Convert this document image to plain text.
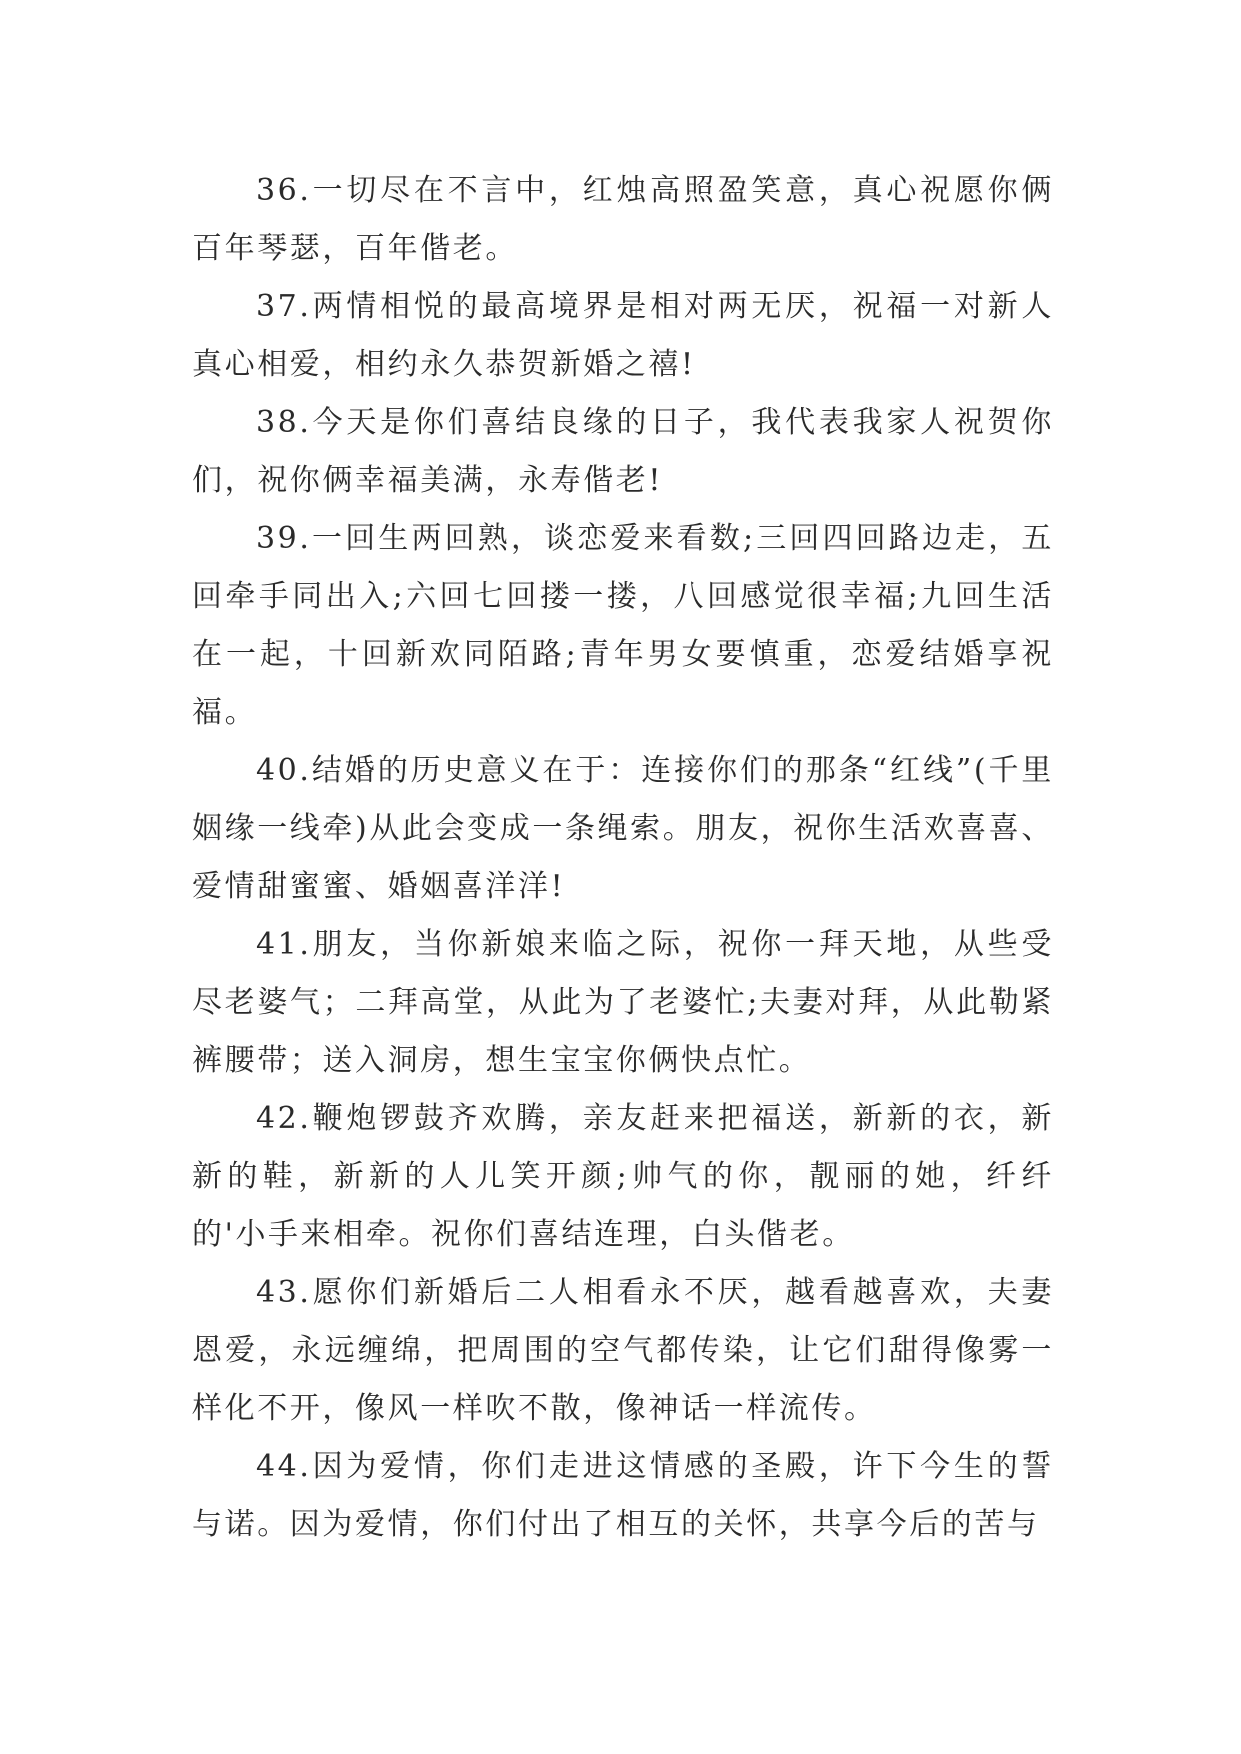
36.一切尽在不言中，红烛高照盈笑意，真心祝愿你俩百年琴瑟，百年偕老。

37.两情相悦的最高境界是相对两无厌，祝福一对新人真心相爱，相约永久恭贺新婚之禧!

38.今天是你们喜结良缘的日子，我代表我家人祝贺你们，祝你俩幸福美满，永寿偕老!

39.一回生两回熟，谈恋爱来看数;三回四回路边走，五回牵手同出入;六回七回搂一搂，八回感觉很幸福;九回生活在一起，十回新欢同陌路;青年男女要慎重，恋爱结婚享祝福。

40.结婚的历史意义在于：连接你们的那条“红线”(千里姻缘一线牵)从此会变成一条绳索。朋友，祝你生活欢喜喜、爱情甜蜜蜜、婚姻喜洋洋!

41.朋友，当你新娘来临之际，祝你一拜天地，从些受尽老婆气；二拜高堂，从此为了老婆忙;夫妻对拜，从此勒紧裤腰带；送入洞房，想生宝宝你俩快点忙。

42.鞭炮锣鼓齐欢腾，亲友赶来把福送，新新的衣，新新的鞋，新新的人儿笑开颜;帅气的你，靓丽的她，纤纤的'小手来相牵。祝你们喜结连理，白头偕老。

43.愿你们新婚后二人相看永不厌，越看越喜欢，夫妻恩爱，永远缠绵，把周围的空气都传染，让它们甜得像雾一样化不开，像风一样吹不散，像神话一样流传。

44.因为爱情，你们走进这情感的圣殿，许下今生的誓与诺。因为爱情，你们付出了相互的关怀，共享今后的苦与
